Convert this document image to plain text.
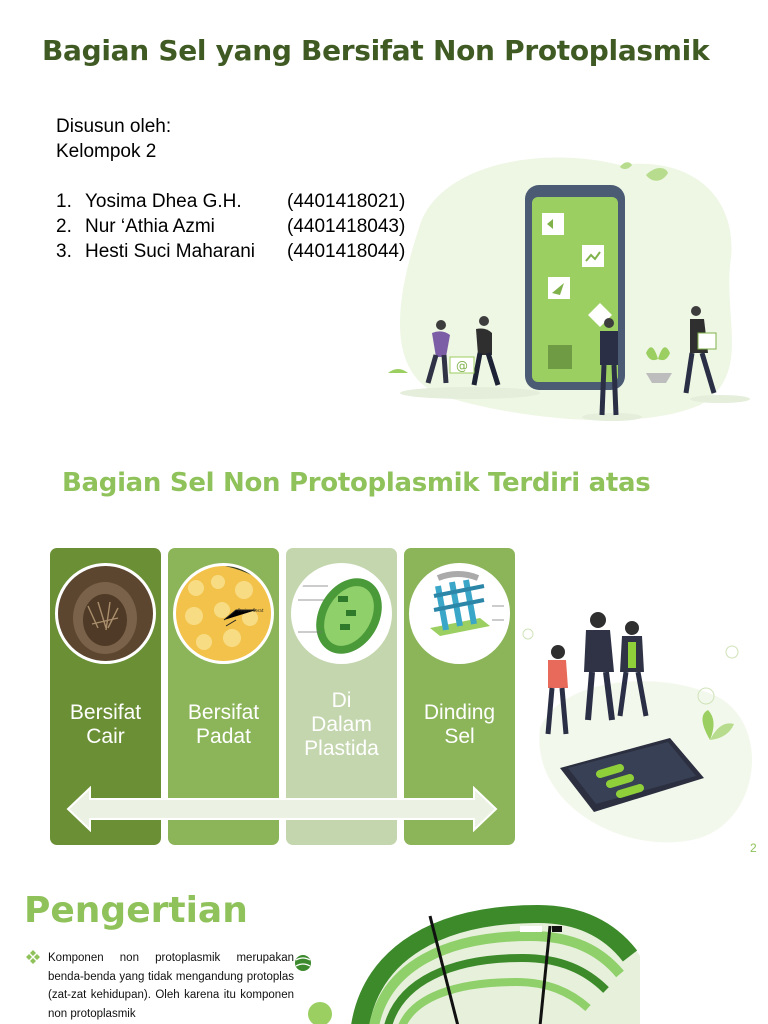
Bagian Sel yang Bersifat Non Protoplasmik
Disusun oleh:
Kelompok 2
1. Yosima Dhea G.H.	(4401418021)
2. Nur ‘Athia Azmi	(4401418043)
3. Hesti Suci Maharani	(4401418044)
@
Bagian Sel Non Protoplasmik Terdiri atas
Bersifat
Cair
Resin - Serat
Bersifat
Padat
Di
Dalam
Plastida
Dinding
Sel
2
Pengertian
Komponen non protoplasmik merupakan benda-benda yang tidak mengandung protoplas (zat-zat kehidupan). Oleh karena itu komponen non protoplasmik
